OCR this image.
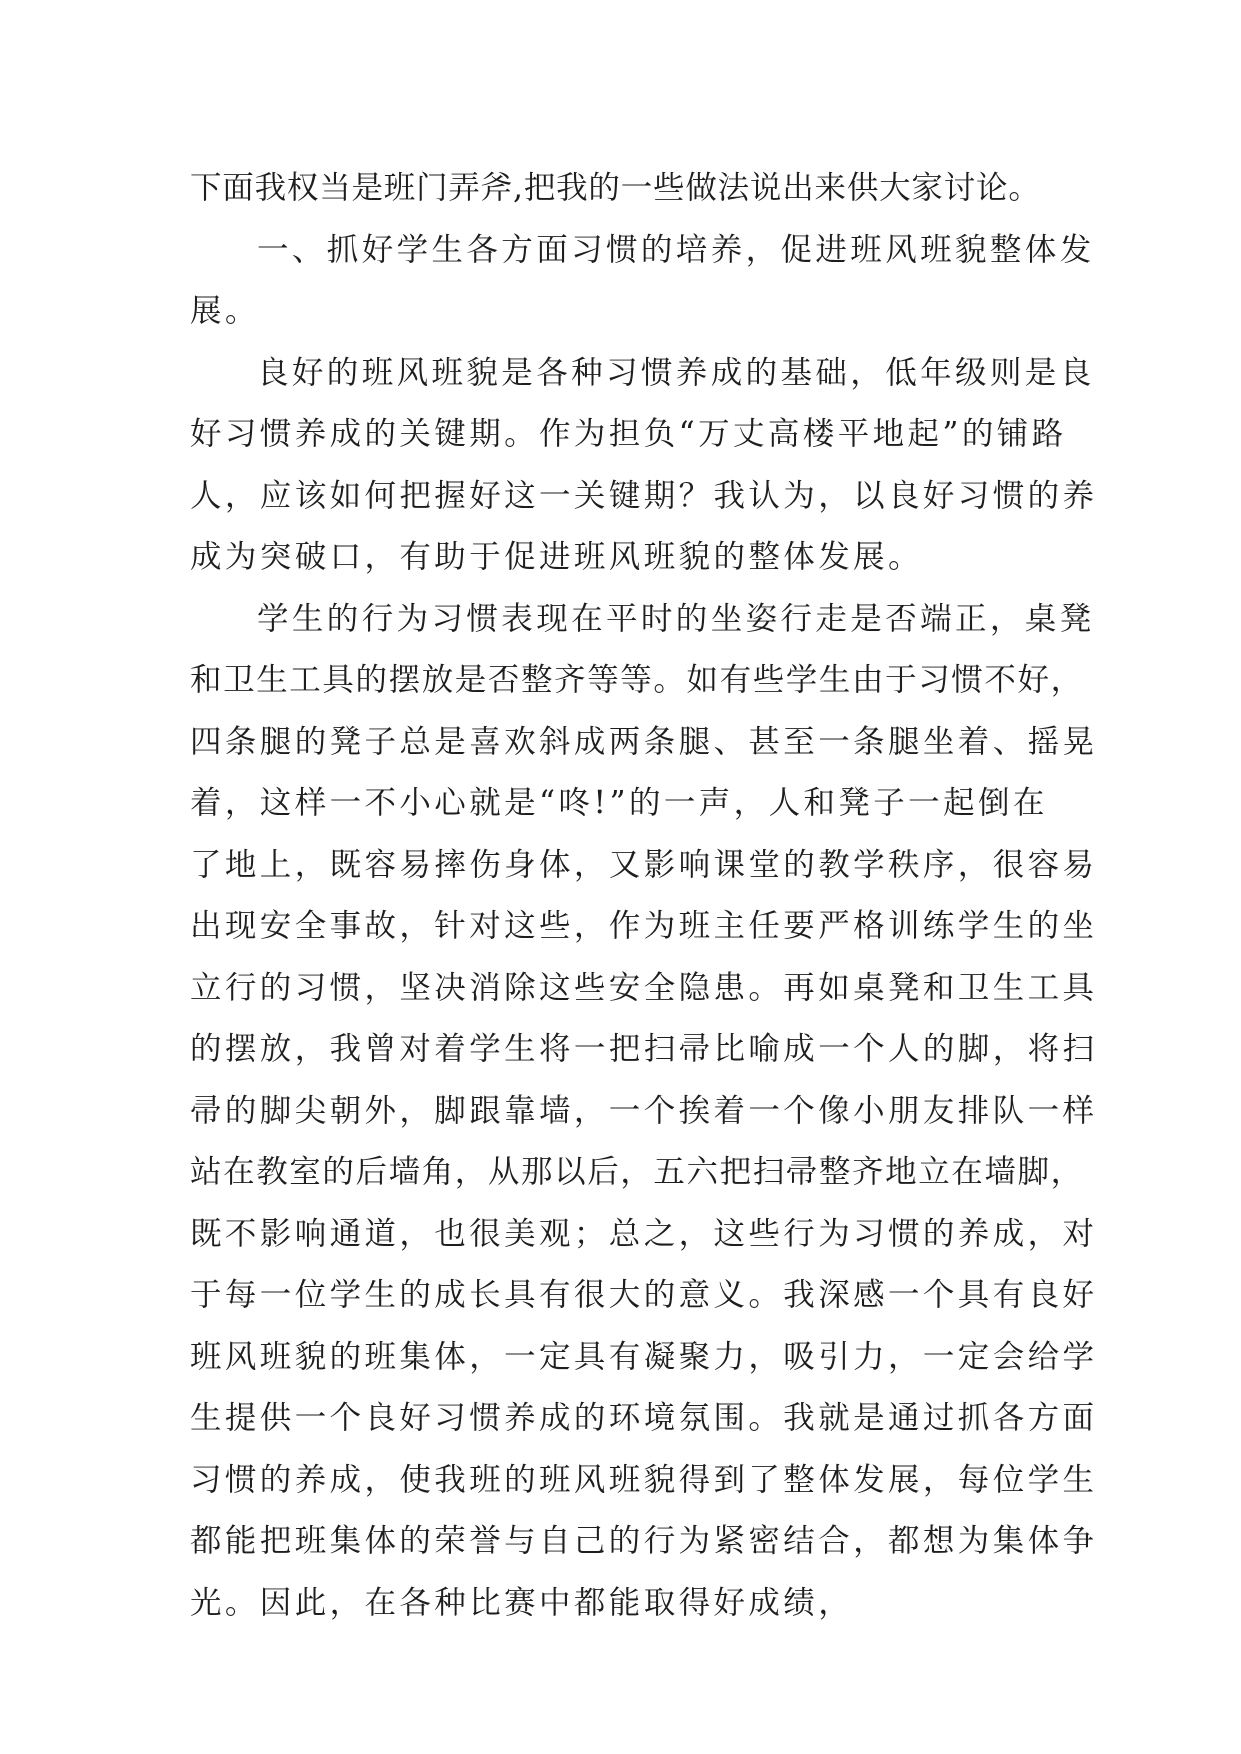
下面我权当是班门弄斧,把我的一些做法说出来供大家讨论。
一、抓好学生各方面习惯的培养，促进班风班貌整体发
展。
良好的班风班貌是各种习惯养成的基础，低年级则是良
好习惯养成的关键期。作为担负“万丈高楼平地起”的铺路
人，应该如何把握好这一关键期？我认为，以良好习惯的养
成为突破口，有助于促进班风班貌的整体发展。
学生的行为习惯表现在平时的坐姿行走是否端正，桌凳
和卫生工具的摆放是否整齐等等。如有些学生由于习惯不好，
四条腿的凳子总是喜欢斜成两条腿、甚至一条腿坐着、摇晃
着，这样一不小心就是“咚!”的一声，人和凳子一起倒在
了地上，既容易摔伤身体，又影响课堂的教学秩序，很容易
出现安全事故，针对这些，作为班主任要严格训练学生的坐
立行的习惯，坚决消除这些安全隐患。再如桌凳和卫生工具
的摆放，我曾对着学生将一把扫帚比喻成一个人的脚，将扫
帚的脚尖朝外，脚跟靠墙，一个挨着一个像小朋友排队一样
站在教室的后墙角，从那以后，五六把扫帚整齐地立在墙脚，
既不影响通道，也很美观；总之，这些行为习惯的养成，对
于每一位学生的成长具有很大的意义。我深感一个具有良好
班风班貌的班集体，一定具有凝聚力，吸引力，一定会给学
生提供一个良好习惯养成的环境氛围。我就是通过抓各方面
习惯的养成，使我班的班风班貌得到了整体发展，每位学生
都能把班集体的荣誉与自己的行为紧密结合，都想为集体争
光。因此，在各种比赛中都能取得好成绩，
